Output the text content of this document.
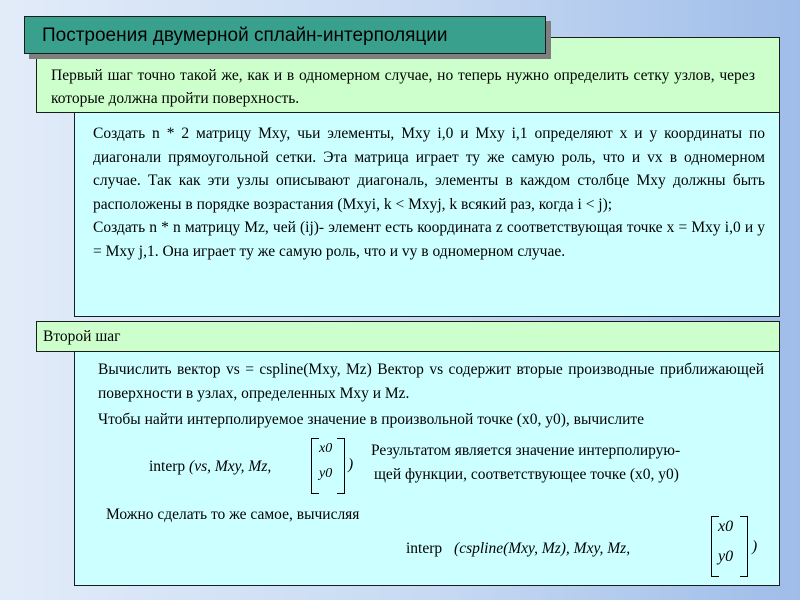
Первый шаг точно такой же, как и в одномерном случае, но теперь нужно определить сетку узлов, через которые должна пройти поверхность.
Построения двумерной сплайн-интерполяции

Создать n * 2 матрицу Mxy, чьи элементы, Mxy i,0 и Mxy i,1 определяют x и y координаты по диагонали прямоугольной сетки. Эта матрица играет ту же самую роль, что и vx в одномерном случае. Так как эти узлы описывают диагональ, элементы в каждом столбце Mxy должны быть расположены в порядке возрастания (Mxyi, k < Mxyj, k всякий раз, когда i < j);

Создать n * n матрицу Mz, чей (ij)- элемент есть координата z соответствующая точке x = Mxy i,0 и y = Mxy j,1. Она играет ту же самую роль, что и vy в одномерном случае.

Второй шаг
Вычислить вектор vs = cspline(Mxy, Mz) Вектор vs содержит вторые производные приближающей поверхности в узлах, определенных Mxy и Mz.
Чтобы найти интерполируемое значение в произвольной точке (x0, y0), вычислите
interp (vs, Mxy, Mz,
x0
y0
)
Результатом является значение интерполирую-
щей функции, соответствующее точке (x0, y0)
Можно сделать то же самое, вычисляя
interp (cspline(Mxy, Mz), Mxy, Mz,
x0
y0
)
